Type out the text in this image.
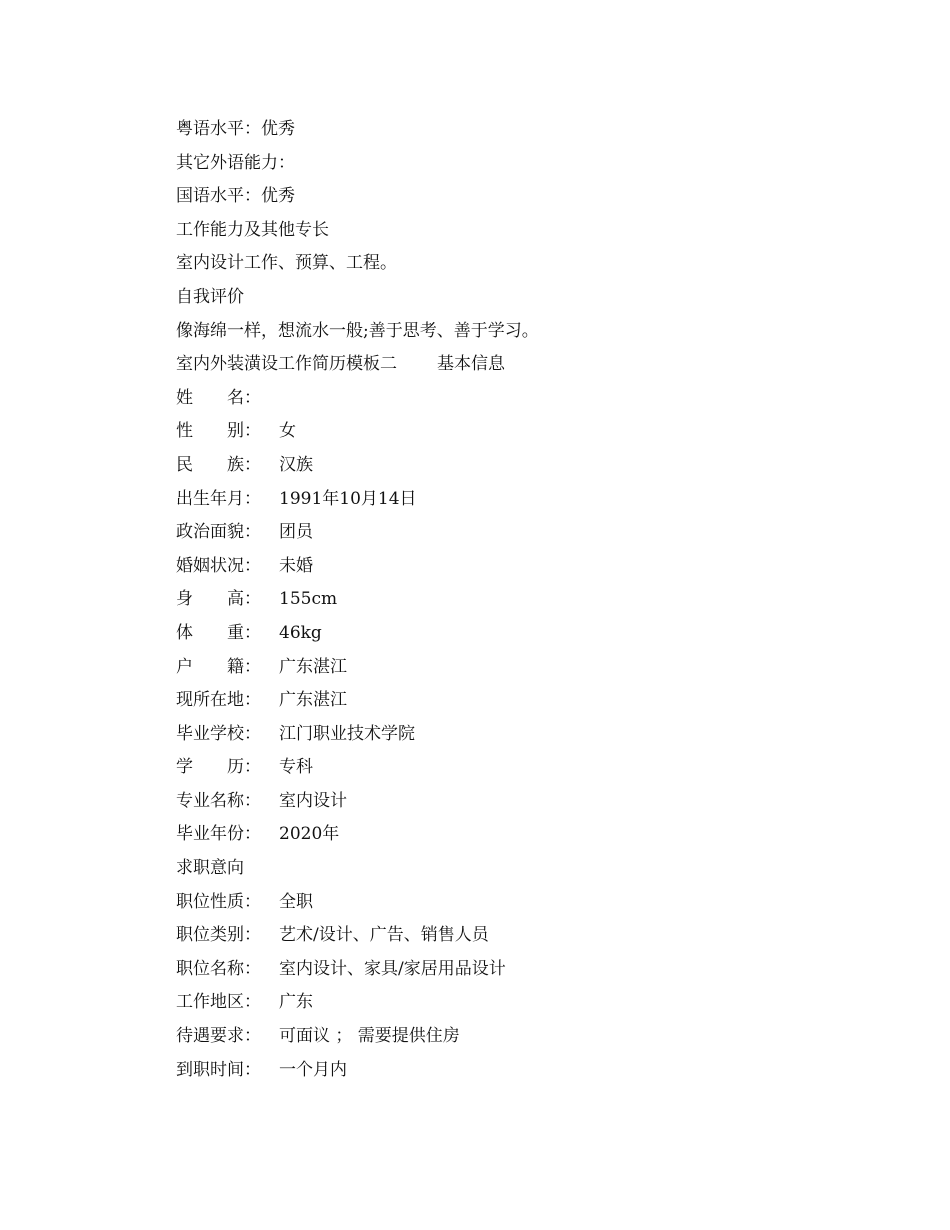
粤语水平：优秀
其它外语能力：
国语水平：优秀
工作能力及其他专长
室内设计工作、预算、工程。
自我评价
像海绵一样，想流水一般;善于思考、善于学习。
室内外装潢设工作简历模板二 基本信息
姓　　名：
性　　别： 女
民　　族： 汉族
出生年月： 1991年10月14日
政治面貌： 团员
婚姻状况： 未婚
身　　高： 155cm
体　　重： 46kg
户　　籍： 广东湛江
现所在地： 广东湛江
毕业学校： 江门职业技术学院
学　　历： 专科
专业名称： 室内设计
毕业年份： 2020年
求职意向
职位性质： 全职
职位类别： 艺术/设计、广告、销售人员
职位名称： 室内设计、家具/家居用品设计
工作地区： 广东
待遇要求： 可面议 ； 需要提供住房
到职时间： 一个月内
